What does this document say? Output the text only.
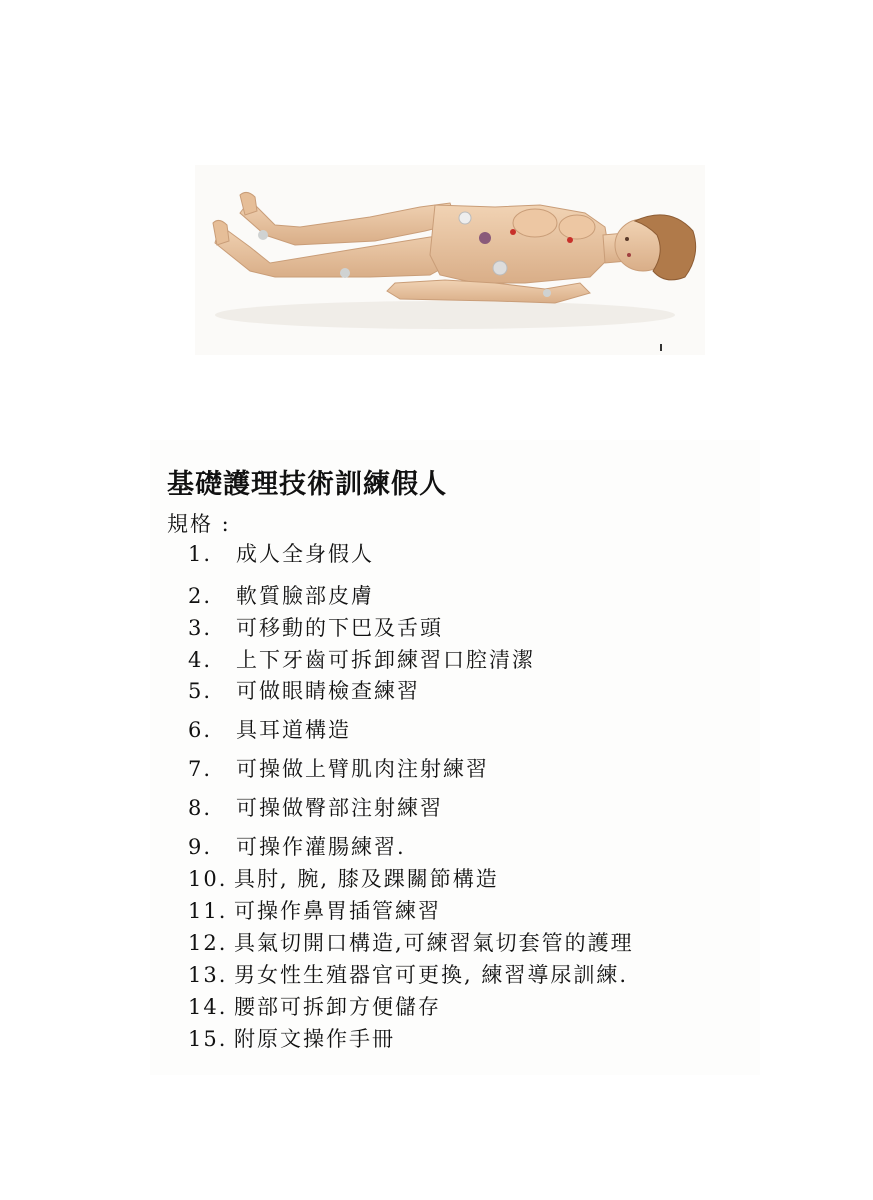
基礎護理技術訓練假人
規格 :
1. 成人全身假人
2. 軟質臉部皮膚
3. 可移動的下巴及舌頭
4. 上下牙齒可拆卸練習口腔清潔
5. 可做眼睛檢查練習
6. 具耳道構造
7. 可操做上臂肌肉注射練習
8. 可操做臀部注射練習
9. 可操作灌腸練習.
10. 具肘, 腕, 膝及踝關節構造
11. 可操作鼻胃插管練習
12. 具氣切開口構造,可練習氣切套管的護理
13. 男女性生殖器官可更換, 練習導尿訓練.
14. 腰部可拆卸方便儲存
15. 附原文操作手冊
